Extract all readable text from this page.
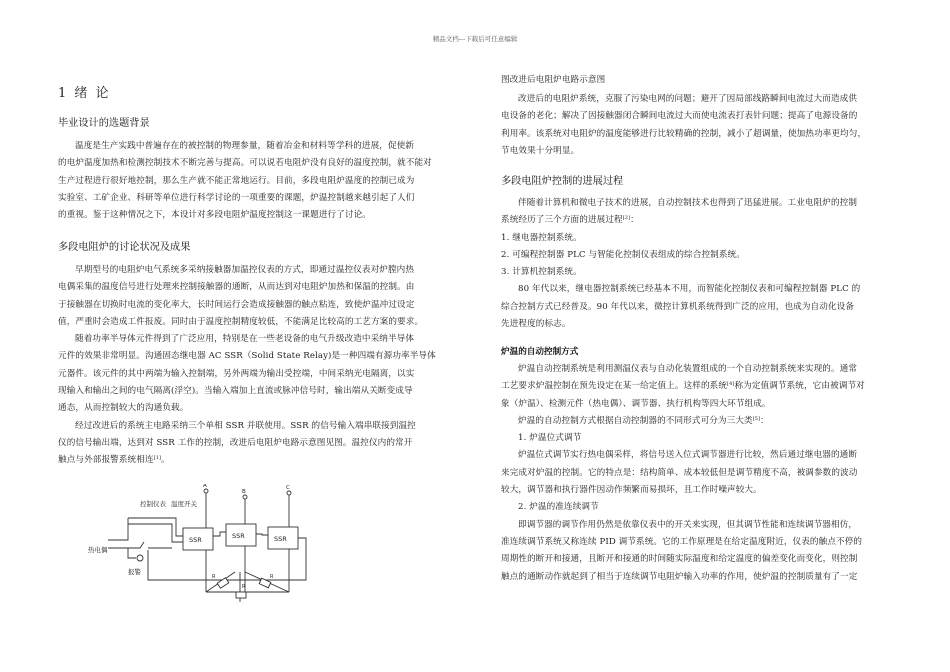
精品文档---下载后可任意编辑
1 绪 论
毕业设计的选题背景

温度是生产实践中普遍存在的被控制的物理参量，随着冶金和材料等学科的进展，促使新

的电炉温度加热和检测控制技术不断完善与提高。可以说若电阻炉没有良好的温度控制，就不能对

生产过程进行很好地控制，那么生产就不能正常地运行。目前，多段电阻炉温度的控制已成为

实验室、工矿企业、科研等单位进行科学讨论的一项重要的课题，炉温控制越来越引起了人们

的重视。鉴于这种情况之下，本设计对多段电阻炉温度控制这一课题进行了讨论。

多段电阻炉的讨论状况及成果

早期型号的电阻炉电气系统多采纳接触器加温控仪表的方式，即通过温控仪表对炉膛内热

电偶采集的温度信号进行处理来控制接触器的通断，从而达到对电阻炉加热和保温的控制。由

于接触器在切换时电流的变化率大，长时间运行会造成接触器的触点粘连，致使炉温冲过设定

值，严重时会造成工件报废。同时由于温度控制精度较低，不能满足比较高的工艺方案的要求。

随着功率半导体元件得到了广泛应用，特别是在一些老设备的电气升级改造中采纳半导体

元件的效果非常明显。沟通固态继电器 AC SSR（Solid State Relay)是一种四端有源功率半导体

元器件。该元件的其中两端为输入控制端，另外两端为输出受控端，中间采纳光电隔离，以实

现输入和输出之间的电气隔离(浮空)。当输入端加上直流或脉冲信号时，输出端从关断变成导

通态，从而控制较大的沟通负载。

经过改进后的系统主电路采纳三个单相 SSR 并联使用。SSR 的信号输入端串联接到温控

仪的信号输出端，达到对 SSR 工作的控制，改进后电阻炉电路示意图见图。温控仪内的常开

触点与外部报警系统相连[1]。

控制仪表 温度开关
热电偶
报警
SSR	SSR	SSR
A
B
C
R	R
R

图改进后电阻炉电路示意图

改进后的电阻炉系统，克服了污染电网的问题；避开了因局部线路瞬间电流过大而造成供

电设备的老化；解决了因接触器闭合瞬间电流过大而使电流表打表针问题；提高了电源设备的

利用率。该系统对电阻炉的温度能够进行比较精确的控制，减小了超调量，使加热功率更均匀，

节电效果十分明显。

多段电阻炉控制的进展过程

伴随着计算机和微电子技术的进展，自动控制技术也得到了迅猛进展。工业电阻炉的控制

系统经历了三个方面的进展过程[2]：

1. 继电器控制系统。

2. 可编程控制器 PLC 与智能化控制仪表组成的综合控制系统。

3. 计算机控制系统。

80 年代以来，继电器控制系统已经基本不用，而智能化控制仪表和可编程控制器 PLC 的

综合控制方式已经普及。90 年代以来，微控计算机系统得到广泛的应用，也成为自动化设备

先进程度的标志。

炉温的自动控制方式

炉温自动控制系统是利用测温仪表与自动化装置组成的一个自动控制系统来实现的。通常

工艺要求炉温控制在预先设定在某一给定值上。这样的系统[4]称为定值调节系统，它由被调节对

象（炉温）、检测元件（热电偶）、调节器、执行机构等四大环节组成。

炉温的自动控制方式根据自动控制器的不同形式可分为三大类[5]：

1. 炉温位式调节

炉温位式调节实行热电偶采样，将信号送入位式调节器进行比较，然后通过继电器的通断

来完成对炉温的控制。它的特点是：结构简单、成本较低但是调节精度不高，被调参数的波动

较大，调节器和执行器件因动作频繁而易损坏，且工作时噪声较大。

2. 炉温的准连续调节

即调节器的调节作用仍然是依靠仪表中的开关来实现，但其调节性能和连续调节器相仿，

准连续调节系统又称连续 PID 调节系统。它的工作原理是在给定温度附近，仪表的触点不停的

周期性的断开和接通，且断开和接通的时间随实际温度和给定温度的偏差变化而变化，则控制

触点的通断动作就起到了相当于连续调节电阻炉输入功率的作用，使炉温的控制质量有了一定
